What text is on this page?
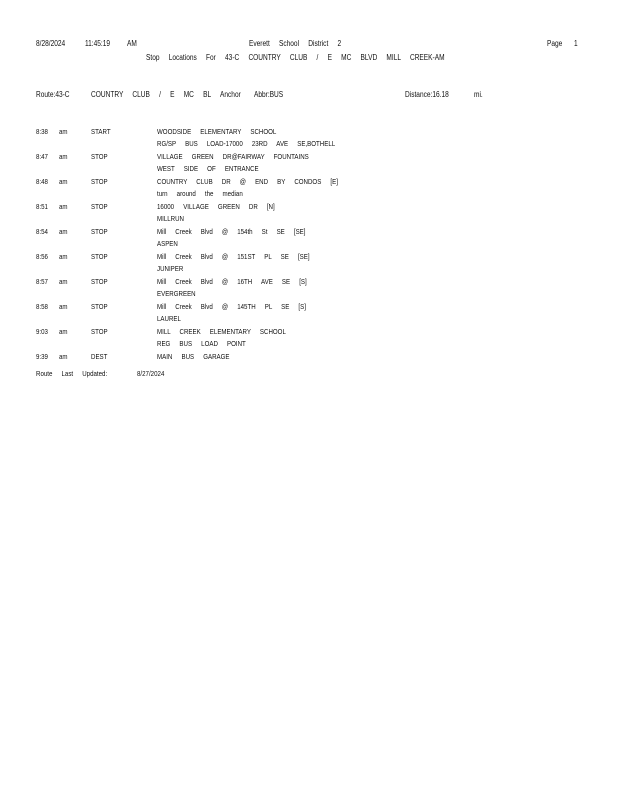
8/28/2024 11:45:19 AM	Everett School District 2	Page 1
Stop Locations For 43-C COUNTRY CLUB / E MC BLVD MILL CREEK-AM
Route:43-C	COUNTRY CLUB / E MC BL Anchor Abbr:BUS	Distance:16.18	mi.
8:38 am	START	WOODSIDE ELEMENTARY SCHOOL
RG/SP BUS LOAD-17000 23RD AVE SE,BOTHELL
8:47 am	STOP	VILLAGE GREEN DR@FAIRWAY FOUNTAINS
WEST SIDE OF ENTRANCE
8:48 am	STOP	COUNTRY CLUB DR @ END BY CONDOS [E]
turn around the median
8:51 am	STOP	16000 VILLAGE GREEN DR [N]
MILLRUN
8:54 am	STOP	Mill Creek Blvd @ 154th St SE [SE]
ASPEN
8:56 am	STOP	Mill Creek Blvd @ 151ST PL SE [SE]
JUNIPER
8:57 am	STOP	Mill Creek Blvd @ 16TH AVE SE [S]
EVERGREEN
8:58 am	STOP	Mill Creek Blvd @ 145TH PL SE [S]
LAUREL
9:03 am	STOP	MILL CREEK ELEMENTARY SCHOOL
REG BUS LOAD POINT
9:39 am	DEST	MAIN BUS GARAGE
Route Last Updated:	8/27/2024
